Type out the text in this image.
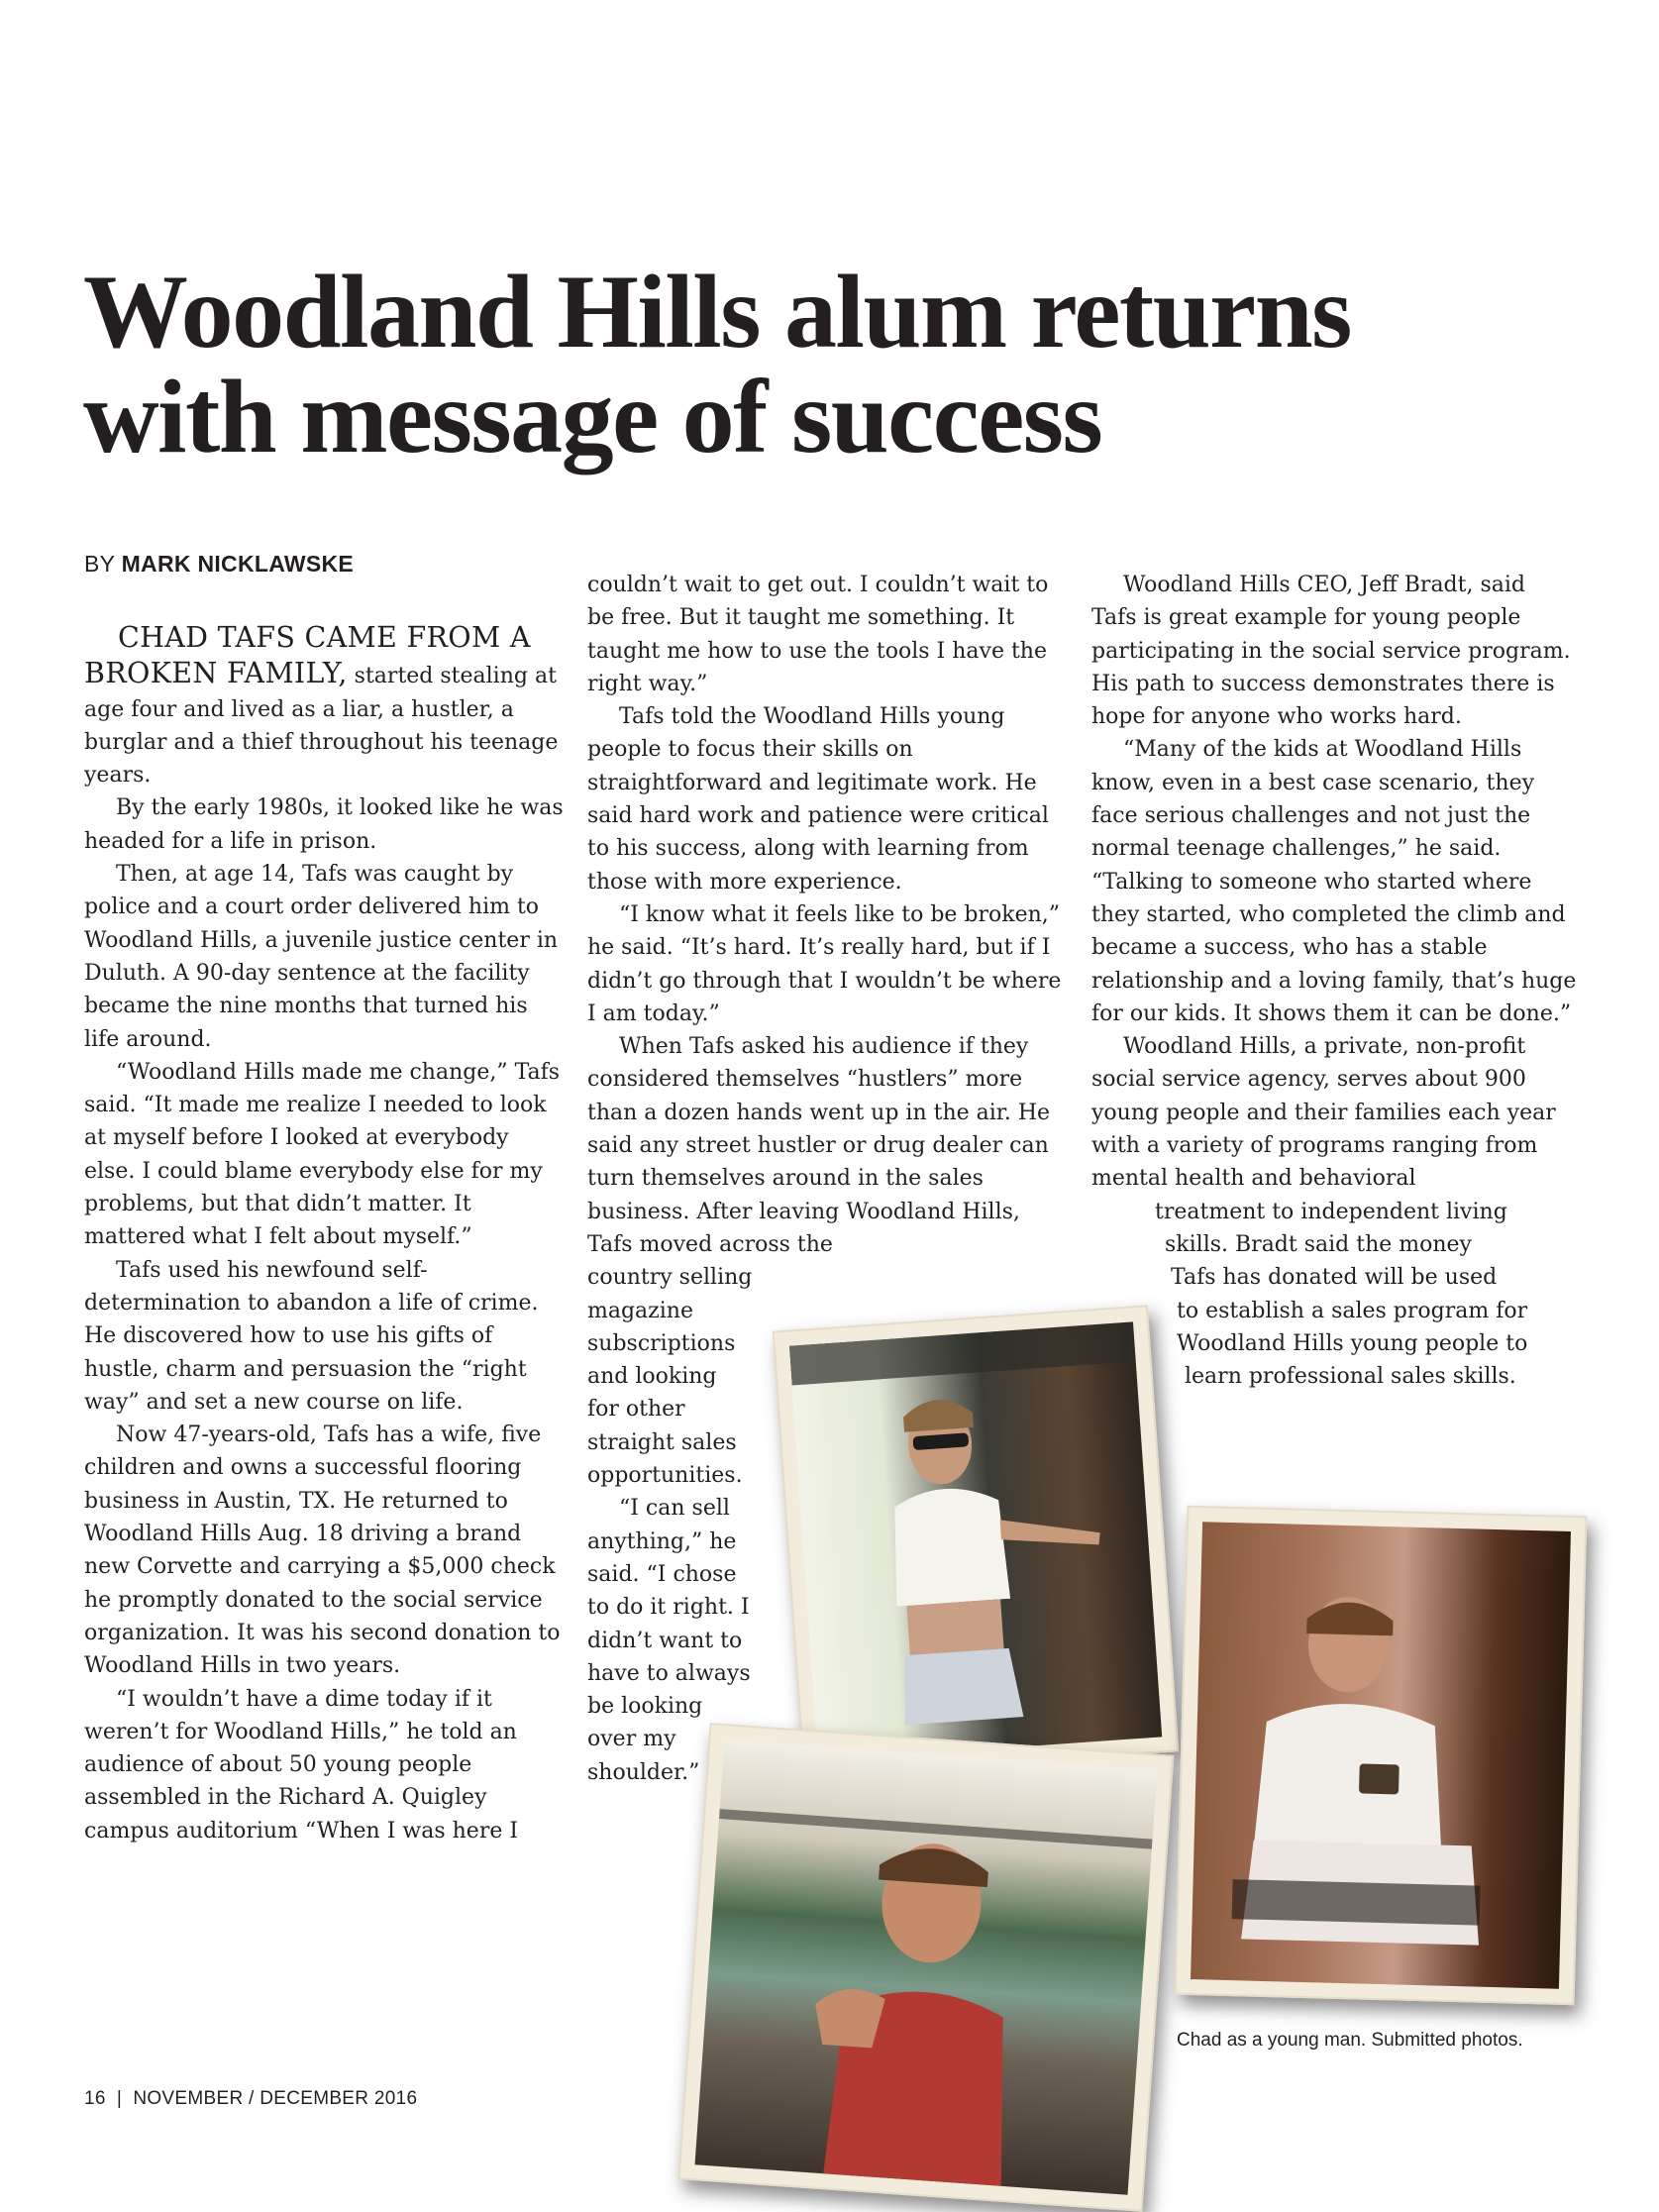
Woodland Hills alum returns
with message of success
BY MARK NICKLAWSKE

CHAD TAFS CAME FROM A
BROKEN FAMILY, started stealing at age four and lived as a liar, a hustler, a burglar and a thief throughout his teenage years.

By the early 1980s, it looked like he was headed for a life in prison.

Then, at age 14, Tafs was caught by police and a court order delivered him to Woodland Hills, a juvenile justice center in Duluth. A 90-day sentence at the facility became the nine months that turned his life around.

“Woodland Hills made me change,” Tafs said. “It made me realize I needed to look at myself before I looked at everybody else. I could blame everybody else for my problems, but that didn’t matter. It mattered what I felt about myself.”

Tafs used his newfound self-determination to abandon a life of crime. He discovered how to use his gifts of hustle, charm and persuasion the “right way” and set a new course on life.

Now 47-years-old, Tafs has a wife, five children and owns a successful flooring business in Austin, TX. He returned to Woodland Hills Aug. 18 driving a brand new Corvette and carrying a $5,000 check he promptly donated to the social service organization. It was his second donation to Woodland Hills in two years.

“I wouldn’t have a dime today if it weren’t for Woodland Hills,” he told an audience of about 50 young people assembled in the Richard A. Quigley campus auditorium “When I was here I

couldn’t wait to get out. I couldn’t wait to be free. But it taught me something. It taught me how to use the tools I have the right way.”

Tafs told the Woodland Hills young people to focus their skills on straightforward and legitimate work. He said hard work and patience were critical to his success, along with learning from those with more experience.

“I know what it feels like to be broken,” he said. “It’s hard. It’s really hard, but if I didn’t go through that I wouldn’t be where I am today.”

When Tafs asked his audience if they considered themselves “hustlers” more than a dozen hands went up in the air. He said any street hustler or drug dealer can turn themselves around in the sales business. After leaving Woodland Hills, Tafs moved across the

country selling
magazine
subscriptions
and looking
for other
straight sales
opportunities.
“I can sell
anything,” he
said. “I chose
to do it right. I
didn’t want to
have to always
be looking
over my
shoulder.”

Woodland Hills CEO, Jeff Bradt, said Tafs is great example for young people participating in the social service program. His path to success demonstrates there is hope for anyone who works hard.

“Many of the kids at Woodland Hills know, even in a best case scenario, they face serious challenges and not just the normal teenage challenges,” he said. “Talking to someone who started where they started, who completed the climb and became a success, who has a stable relationship and a loving family, that’s huge for our kids. It shows them it can be done.”

Woodland Hills, a private, non-profit social service agency, serves about 900 young people and their families each year with a variety of programs ranging from mental health and behavioral

treatment to independent living
skills. Bradt said the money
Tafs has donated will be used
to establish a sales program for
Woodland Hills young people to
learn professional sales skills.
Chad as a young man. Submitted photos.
16 | NOVEMBER / DECEMBER 2016
